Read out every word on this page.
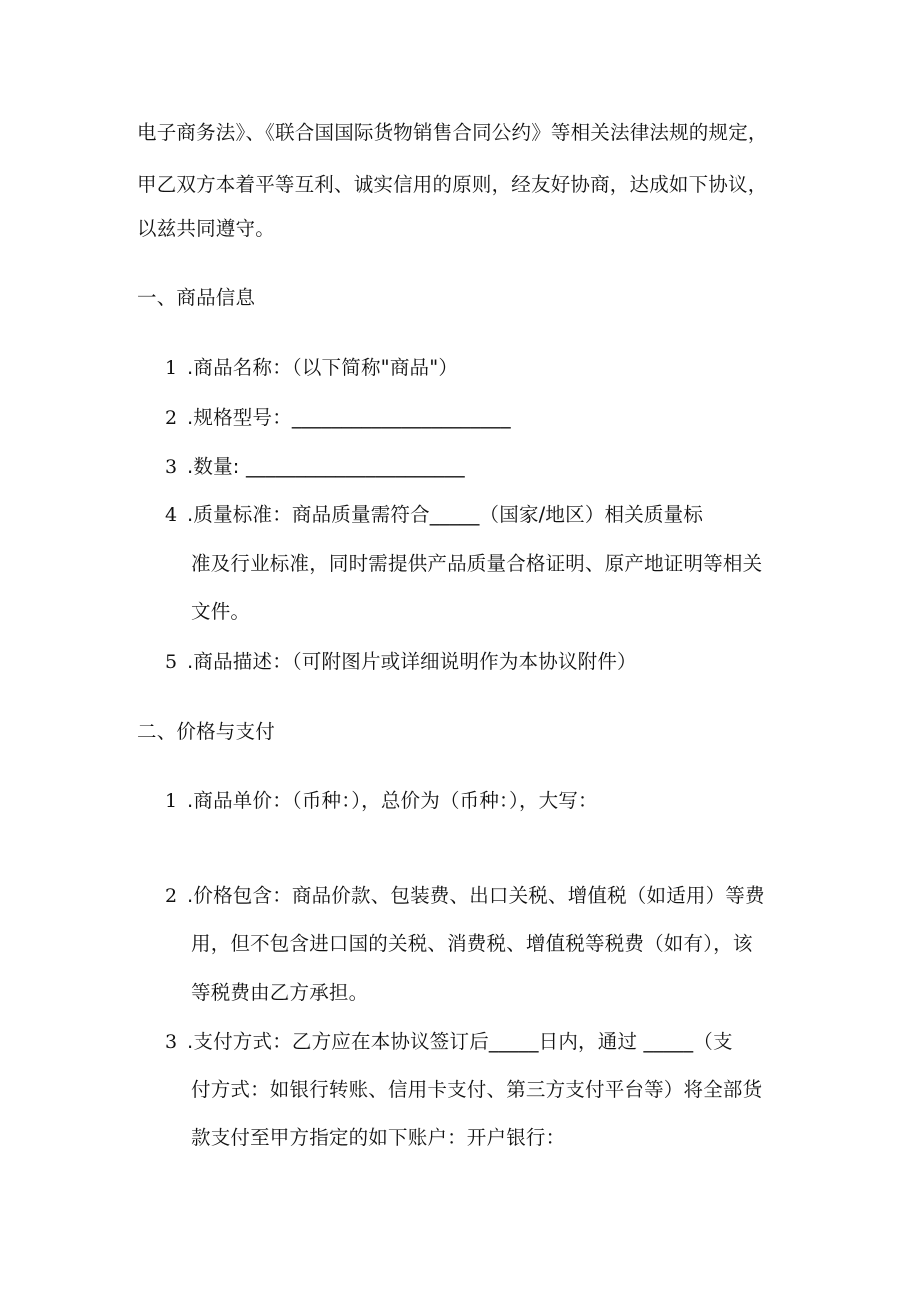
电子商务法》、《联合国国际货物销售合同公约》等相关法律法规的规定，
甲乙双方本着平等互利、诚实信用的原则，经友好协商，达成如下协议，
以兹共同遵守。
一、商品信息
1 .商品名称：（以下简称"商品"）
2 .规格型号：______________________
3 .数量: ______________________
4 .质量标准：商品质量需符合_____（国家/地区）相关质量标
准及行业标准，同时需提供产品质量合格证明、原产地证明等相关
文件。
5 .商品描述：（可附图片或详细说明作为本协议附件）
二、价格与支付
1 .商品单价：（币种：），总价为（币种：），大写：
2 .价格包含：商品价款、包装费、出口关税、增值税（如适用）等费
用，但不包含进口国的关税、消费税、增值税等税费（如有），该
等税费由乙方承担。
3 .支付方式：乙方应在本协议签订后_____日内，通过 _____（支
付方式：如银行转账、信用卡支付、第三方支付平台等）将全部货
款支付至甲方指定的如下账户：开户银行：
